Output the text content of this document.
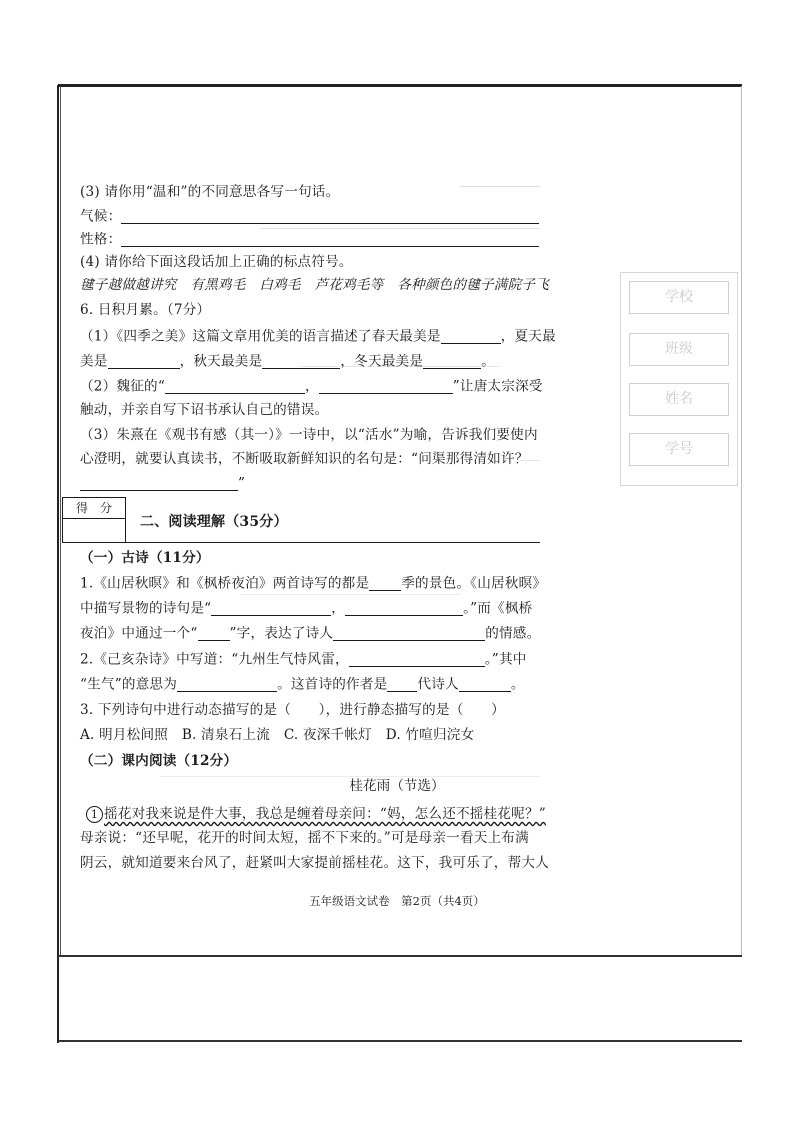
学校
班级
姓名
学号
(3) 请你用“温和”的不同意思各写一句话。
气候：
性格：
(4) 请你给下面这段话加上正确的标点符号。
毽子越做越讲究　有黑鸡毛　白鸡毛　芦花鸡毛等　各种颜色的毽子满院子飞
6. 日积月累。（7分）
（1）《四季之美》这篇文章用优美的语言描述了春天最美是	，夏天最
美是	，秋天最美是	，冬天最美是	。
（2）魏征的“	，	”让唐太宗深受
触动，并亲自写下诏书承认自己的错误。
（3）朱熹在《观书有感（其一）》一诗中，以“活水”为喻，告诉我们要使内
心澄明，就要认真读书，不断吸取新鲜知识的名句是：“问渠那得清如许？
”
得　分
二、阅读理解（35分）
（一）古诗（11分）
1.《山居秋暝》和《枫桥夜泊》两首诗写的都是 季的景色。《山居秋暝》
中描写景物的诗句是“	，	。”而《枫桥
夜泊》中通过一个“ ”字，表达了诗人	的情感。
2.《己亥杂诗》中写道：“九州生气恃风雷，	。”其中
“生气”的意思为	。这首诗的作者是 代诗人	。
3. 下列诗句中进行动态描写的是（　　），进行静态描写的是（　　）
A. 明月松间照　B. 清泉石上流　C. 夜深千帐灯　D. 竹喧归浣女
（二）课内阅读（12分）
桂花雨（节选）
1 摇花对我来说是件大事，我总是缠着母亲问：“妈，怎么还不摇桂花呢？”
母亲说：“还早呢，花开的时间太短，摇不下来的。”可是母亲一看天上布满
阴云，就知道要来台风了，赶紧叫大家提前摇桂花。这下，我可乐了，帮大人
五年级语文试卷　第2页（共4页）
